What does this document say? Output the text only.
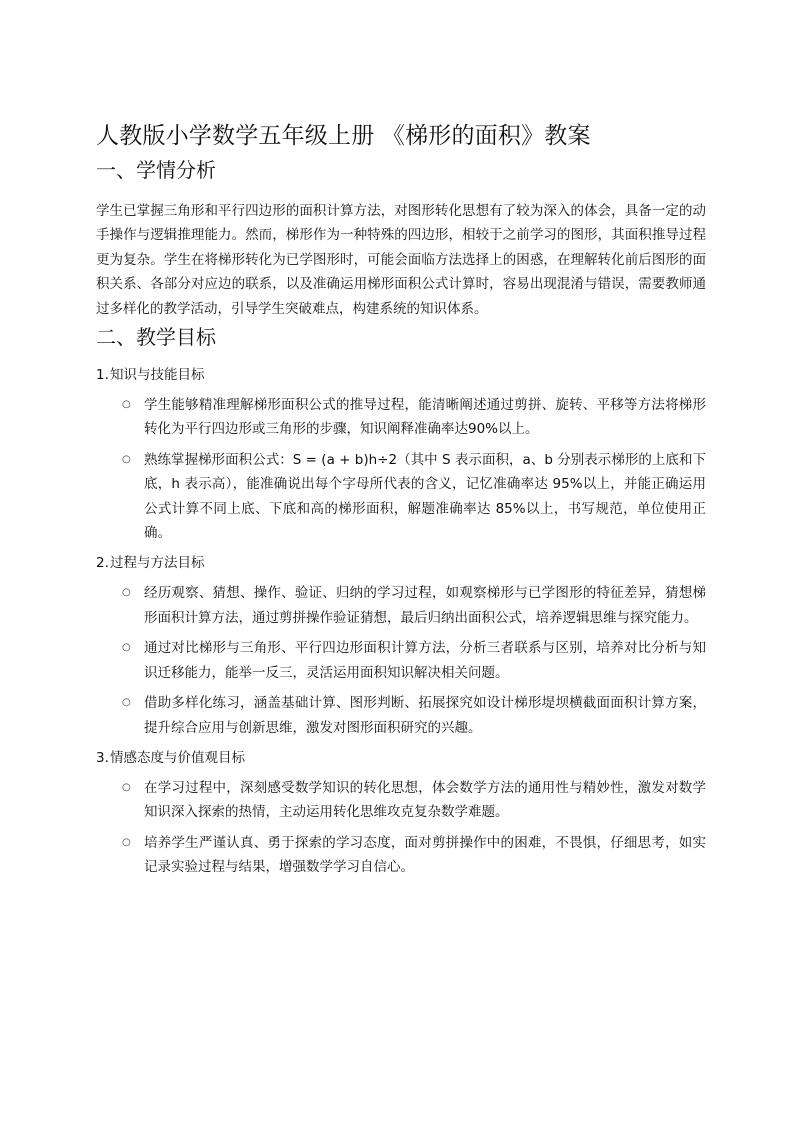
人教版小学数学五年级上册 《梯形的面积》教案
一、学情分析

学生已掌握三角形和平行四边形的面积计算方法，对图形转化思想有了较为深入的体会，具备一定的动手操作与逻辑推理能力。然而，梯形作为一种特殊的四边形，相较于之前学习的图形，其面积推导过程更为复杂。学生在将梯形转化为已学图形时，可能会面临方法选择上的困惑，在理解转化前后图形的面积关系、各部分对应边的联系，以及准确运用梯形面积公式计算时，容易出现混淆与错误，需要教师通过多样化的教学活动，引导学生突破难点，构建系统的知识体系。

二、教学目标
1.知识与技能目标
○ 学生能够精准理解梯形面积公式的推导过程，能清晰阐述通过剪拼、旋转、平移等方法将梯形转化为平行四边形或三角形的步骤，知识阐释准确率达90%以上。
○ 熟练掌握梯形面积公式：S = (a + b)h÷2（其中 S 表示面积，a、b 分别表示梯形的上底和下底，h 表示高），能准确说出每个字母所代表的含义，记忆准确率达 95%以上，并能正确运用公式计算不同上底、下底和高的梯形面积，解题准确率达 85%以上，书写规范，单位使用正确。
2.过程与方法目标
○ 经历观察、猜想、操作、验证、归纳的学习过程，如观察梯形与已学图形的特征差异，猜想梯形面积计算方法，通过剪拼操作验证猜想，最后归纳出面积公式，培养逻辑思维与探究能力。
○ 通过对比梯形与三角形、平行四边形面积计算方法，分析三者联系与区别，培养对比分析与知识迁移能力，能举一反三，灵活运用面积知识解决相关问题。
○ 借助多样化练习，涵盖基础计算、图形判断、拓展探究如设计梯形堤坝横截面面积计算方案，提升综合应用与创新思维，激发对图形面积研究的兴趣。
3.情感态度与价值观目标
○ 在学习过程中，深刻感受数学知识的转化思想，体会数学方法的通用性与精妙性，激发对数学知识深入探索的热情，主动运用转化思维攻克复杂数学难题。
○ 培养学生严谨认真、勇于探索的学习态度，面对剪拼操作中的困难，不畏惧，仔细思考，如实记录实验过程与结果，增强数学学习自信心。
